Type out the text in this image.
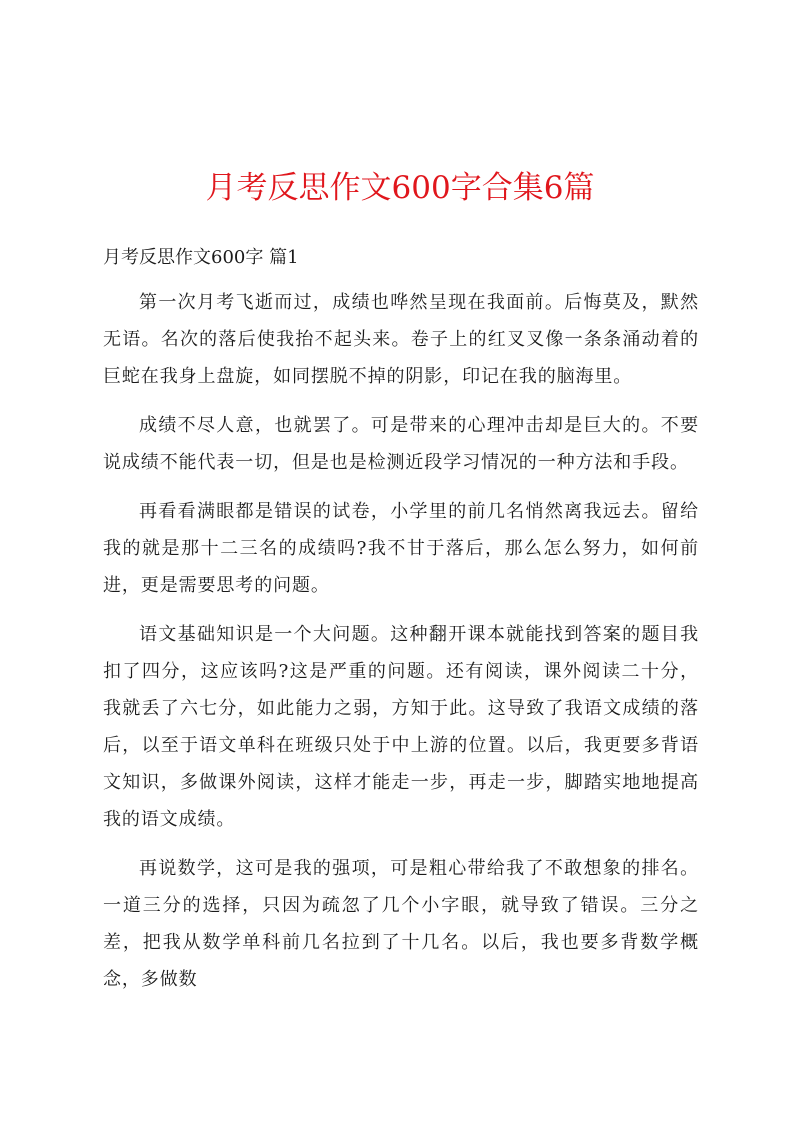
月考反思作文600字合集6篇
月考反思作文600字 篇1

第一次月考飞逝而过，成绩也哗然呈现在我面前。后悔莫及，默然无语。名次的落后使我抬不起头来。卷子上的红叉叉像一条条涌动着的巨蛇在我身上盘旋，如同摆脱不掉的阴影，印记在我的脑海里。

成绩不尽人意，也就罢了。可是带来的心理冲击却是巨大的。不要说成绩不能代表一切，但是也是检测近段学习情况的一种方法和手段。

再看看满眼都是错误的试卷，小学里的前几名悄然离我远去。留给我的就是那十二三名的成绩吗?我不甘于落后，那么怎么努力，如何前进，更是需要思考的问题。

语文基础知识是一个大问题。这种翻开课本就能找到答案的题目我扣了四分，这应该吗?这是严重的问题。还有阅读，课外阅读二十分，我就丢了六七分，如此能力之弱，方知于此。这导致了我语文成绩的落后，以至于语文单科在班级只处于中上游的位置。以后，我更要多背语文知识，多做课外阅读，这样才能走一步，再走一步，脚踏实地地提高我的语文成绩。

再说数学，这可是我的强项，可是粗心带给我了不敢想象的排名。一道三分的选择，只因为疏忽了几个小字眼，就导致了错误。三分之差，把我从数学单科前几名拉到了十几名。以后，我也要多背数学概念，多做数
